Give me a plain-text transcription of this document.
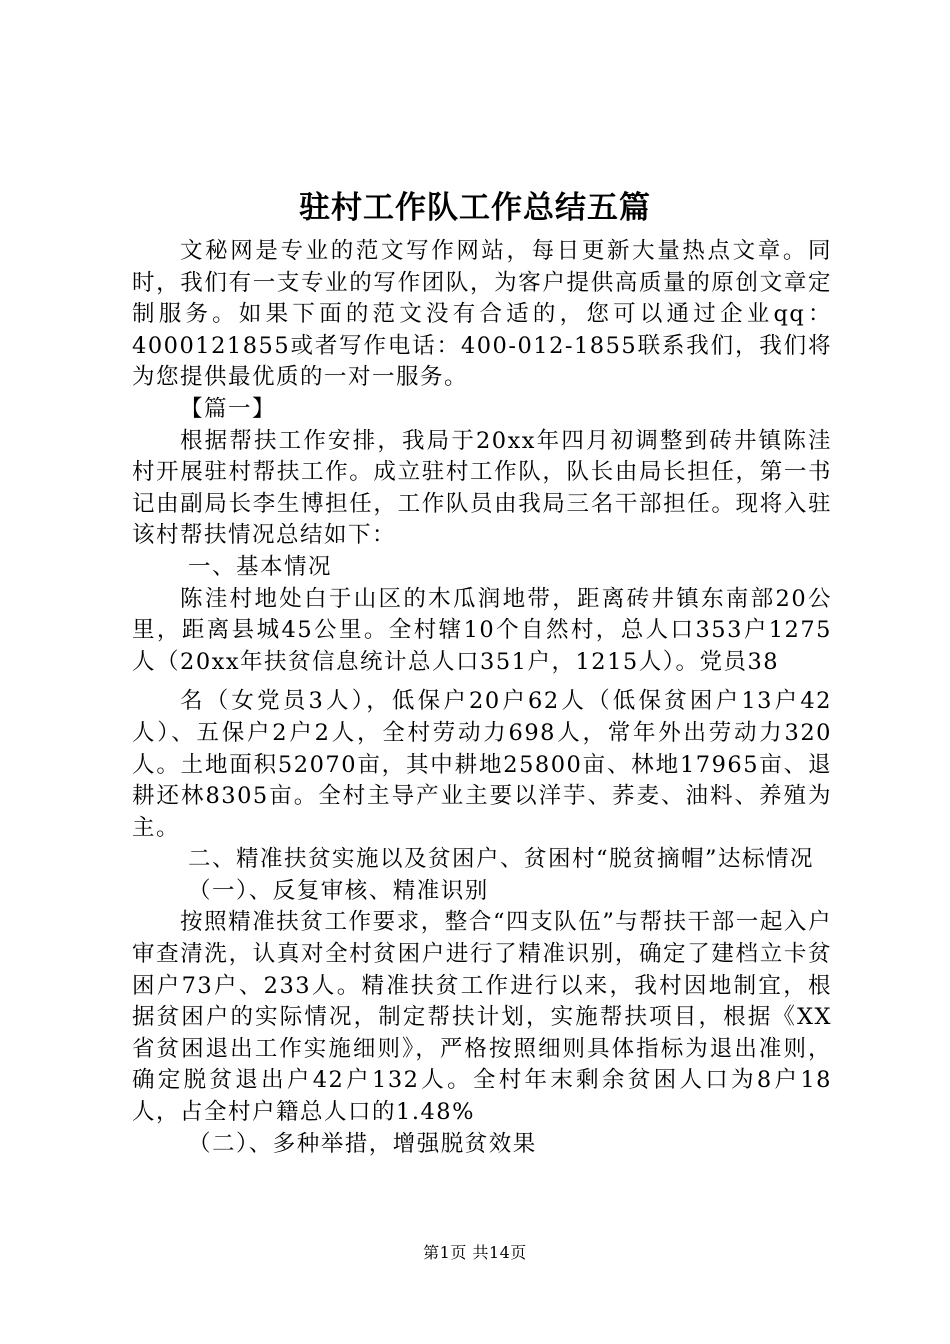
驻村工作队工作总结五篇

文秘网是专业的范文写作网站，每日更新大量热点文章。同时，我们有一支专业的写作团队，为客户提供高质量的原创文章定制服务。如果下面的范文没有合适的，您可以通过企业qq：4000121855或者写作电话：400-012-1855联系我们，我们将为您提供最优质的一对一服务。

【篇一】

根据帮扶工作安排，我局于20xx年四月初调整到砖井镇陈洼村开展驻村帮扶工作。成立驻村工作队，队长由局长担任，第一书记由副局长李生博担任，工作队员由我局三名干部担任。现将入驻该村帮扶情况总结如下：

一、基本情况

陈洼村地处白于山区的木瓜润地带，距离砖井镇东南部20公里，距离县城45公里。全村辖10个自然村，总人口353户1275人（20xx年扶贫信息统计总人口351户，1215人）。党员38

名（女党员3人），低保户20户62人（低保贫困户13户42人）、五保户2户2人，全村劳动力698人，常年外出劳动力320人。土地面积52070亩，其中耕地25800亩、林地17965亩、退耕还林8305亩。全村主导产业主要以洋芋、荞麦、油料、养殖为主。

二、精准扶贫实施以及贫困户、贫困村“脱贫摘帽”达标情况

（一）、反复审核、精准识别

按照精准扶贫工作要求，整合“四支队伍”与帮扶干部一起入户审查清洗，认真对全村贫困户进行了精准识别，确定了建档立卡贫困户73户、233人。精准扶贫工作进行以来，我村因地制宜，根据贫困户的实际情况，制定帮扶计划，实施帮扶项目，根据《XX省贫困退出工作实施细则》，严格按照细则具体指标为退出准则，确定脱贫退出户42户132人。全村年末剩余贫困人口为8户18人，占全村户籍总人口的1.48%

（二）、多种举措，增强脱贫效果

第1页 共14页
